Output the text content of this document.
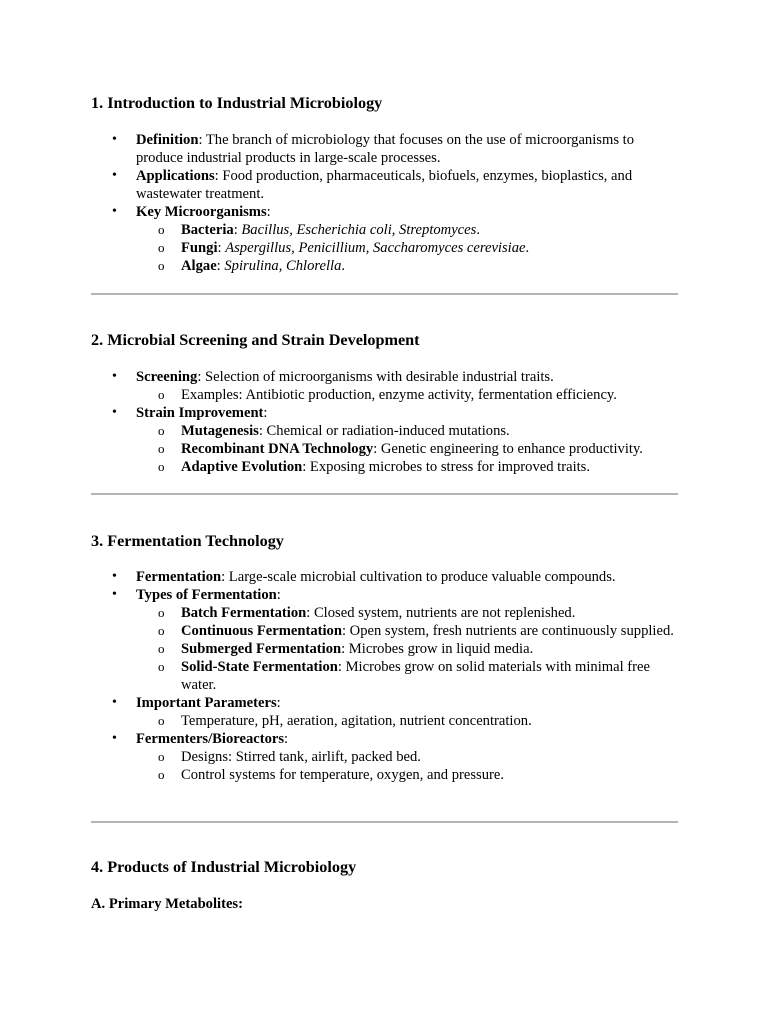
1. Introduction to Industrial Microbiology
• Definition: The branch of microbiology that focuses on the use of microorganisms to produce industrial products in large-scale processes.
• Applications: Food production, pharmaceuticals, biofuels, enzymes, bioplastics, and wastewater treatment.
• Key Microorganisms:
o Bacteria: Bacillus, Escherichia coli, Streptomyces.
o Fungi: Aspergillus, Penicillium, Saccharomyces cerevisiae.
o Algae: Spirulina, Chlorella.
2. Microbial Screening and Strain Development
• Screening: Selection of microorganisms with desirable industrial traits.
o Examples: Antibiotic production, enzyme activity, fermentation efficiency.
• Strain Improvement:
o Mutagenesis: Chemical or radiation-induced mutations.
o Recombinant DNA Technology: Genetic engineering to enhance productivity.
o Adaptive Evolution: Exposing microbes to stress for improved traits.
3. Fermentation Technology
• Fermentation: Large-scale microbial cultivation to produce valuable compounds.
• Types of Fermentation:
o Batch Fermentation: Closed system, nutrients are not replenished.
o Continuous Fermentation: Open system, fresh nutrients are continuously supplied.
o Submerged Fermentation: Microbes grow in liquid media.
o Solid-State Fermentation: Microbes grow on solid materials with minimal free water.
• Important Parameters:
o Temperature, pH, aeration, agitation, nutrient concentration.
• Fermenters/Bioreactors:
o Designs: Stirred tank, airlift, packed bed.
o Control systems for temperature, oxygen, and pressure.
4. Products of Industrial Microbiology
A. Primary Metabolites:
